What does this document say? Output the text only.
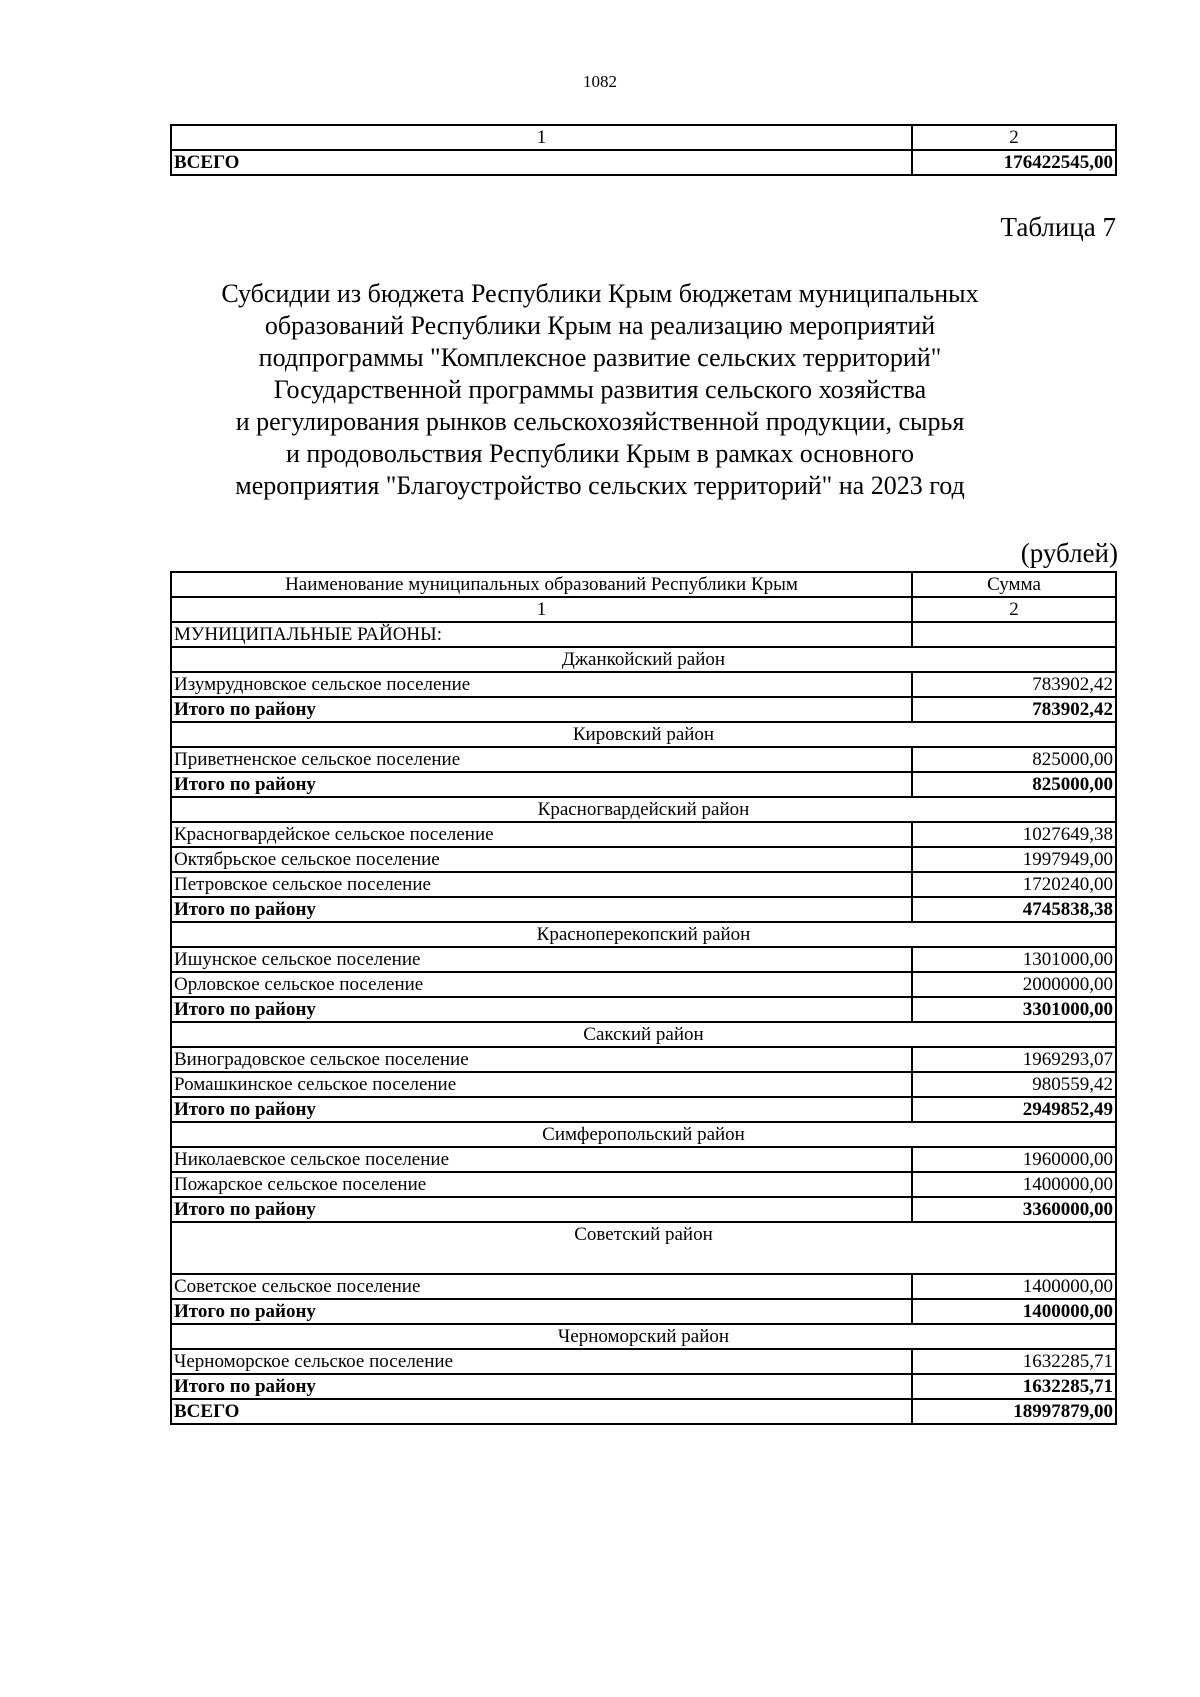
1082
1	2
ВСЕГО	176422545,00
Таблица 7
Субсидии из бюджета Республики Крым бюджетам муниципальных
образований Республики Крым на реализацию мероприятий
подпрограммы "Комплексное развитие сельских территорий"
Государственной программы развития сельского хозяйства
и регулирования рынков сельскохозяйственной продукции, сырья
и продовольствия Республики Крым в рамках основного
мероприятия "Благоустройство сельских территорий" на 2023 год
(рублей)
Наименование муниципальных образований Республики Крым	Сумма
1	2
МУНИЦИПАЛЬНЫЕ РАЙОНЫ:	
Джанкойский район	
Изумрудновское сельское поселение	783902,42
Итого по району	783902,42
Кировский район	
Приветненское сельское поселение	825000,00
Итого по району	825000,00
Красногвардейский район	
Красногвардейское сельское поселение	1027649,38
Октябрьское сельское поселение	1997949,00
Петровское сельское поселение	1720240,00
Итого по району	4745838,38
Красноперекопский район	
Ишунское сельское поселение	1301000,00
Орловское сельское поселение	2000000,00
Итого по району	3301000,00
Сакский район	
Виноградовское сельское поселение	1969293,07
Ромашкинское сельское поселение	980559,42
Итого по району	2949852,49
Симферопольский район	
Николаевское сельское поселение	1960000,00
Пожарское сельское поселение	1400000,00
Итого по району	3360000,00
Советский район	
Советское сельское поселение	1400000,00
Итого по району	1400000,00
Черноморский район	
Черноморское сельское поселение	1632285,71
Итого по району	1632285,71
ВСЕГО	18997879,00
